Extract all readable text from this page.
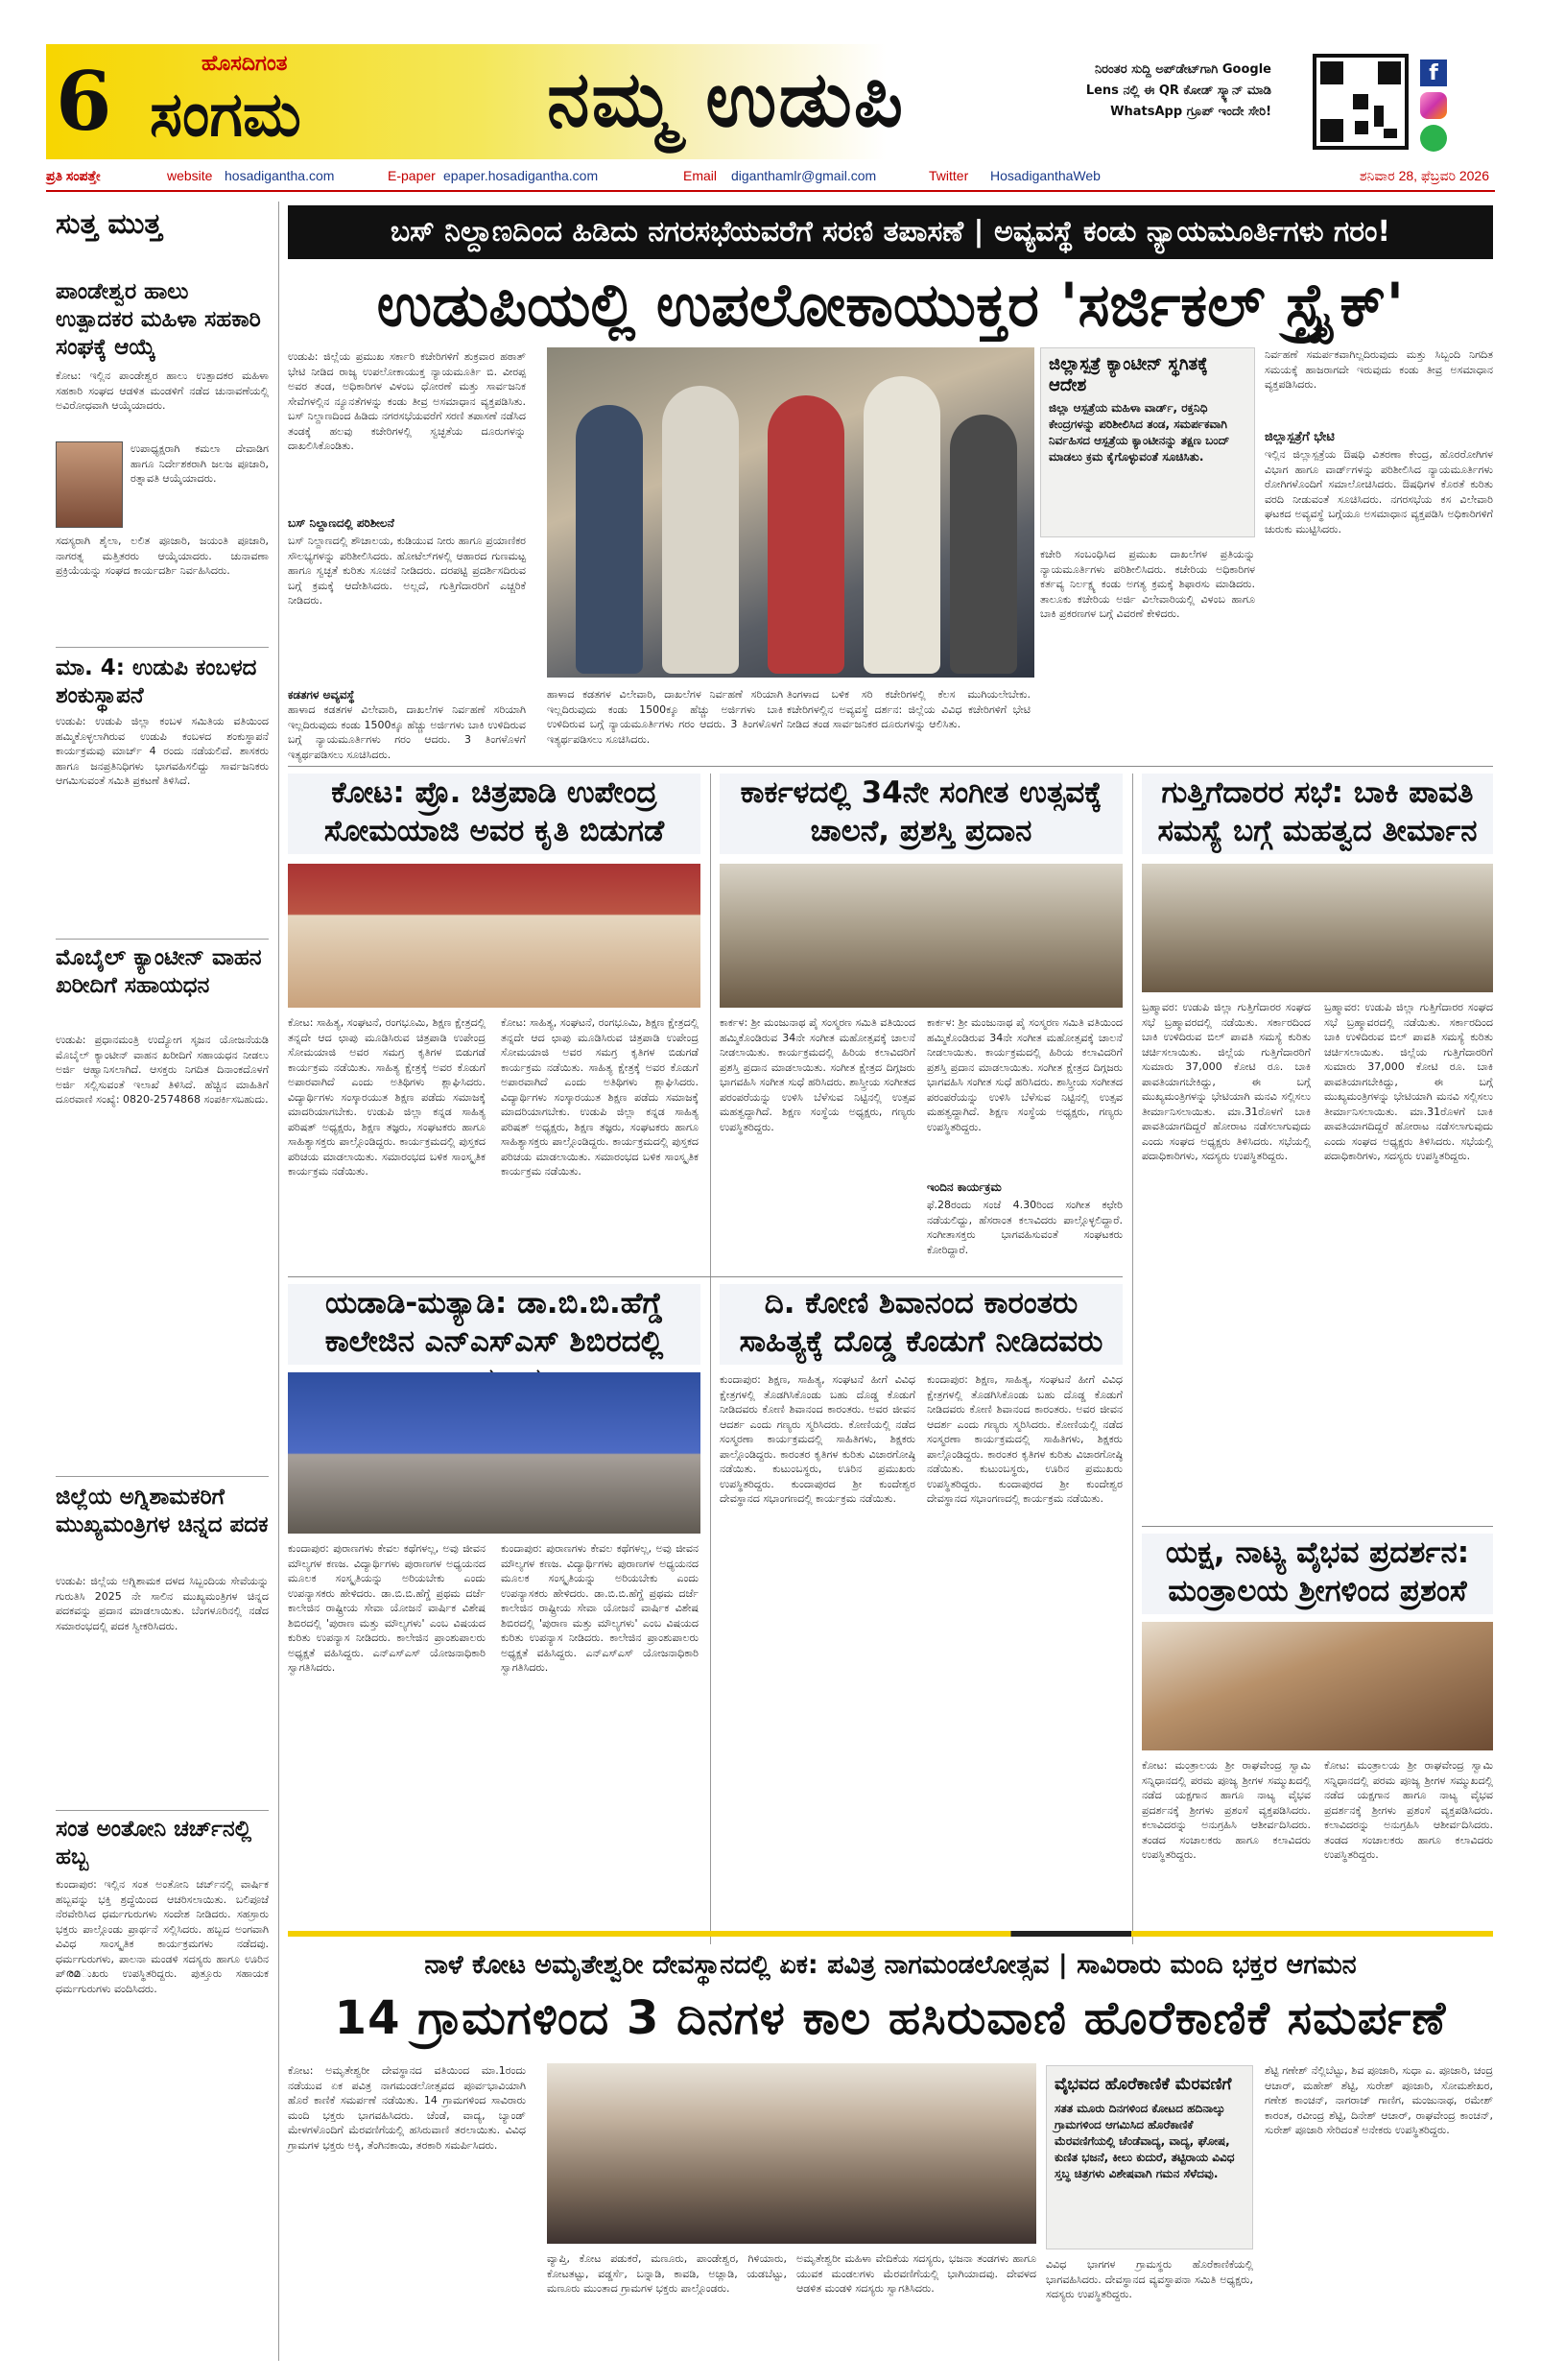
6	ಹೊಸದಿಗಂತ
ಸಂಗಮ	ನಮ್ಮ ಉಡುಪಿ	ನಿರಂತರ ಸುದ್ದಿ ಅಪ್‌ಡೇಟ್‌ಗಾಗಿ Google Lens ನಲ್ಲಿ ಈ QR ಕೋಡ್ ಸ್ಕ್ಯಾನ್ ಮಾಡಿ WhatsApp ಗ್ರೂಪ್ ಇಂದೇ ಸೇರಿ!
f
ಪ್ರತಿ ಸಂಪತ್ತೇ	website hosadigantha.com	E-paper epaper.hosadigantha.com	Email diganthamlr@gmail.com	Twitter HosadiganthaWeb	ಶನಿವಾರ 28, ಫೆಬ್ರವರಿ 2026
ಸುತ್ತ ಮುತ್ತ
ಪಾಂಡೇಶ್ವರ ಹಾಲು ಉತ್ಪಾದಕರ ಮಹಿಳಾ ಸಹಕಾರಿ ಸಂಘಕ್ಕೆ ಆಯ್ಕೆ

ಕೋಟ: ಇಲ್ಲಿನ ಪಾಂಡೇಶ್ವರ ಹಾಲು ಉತ್ಪಾದಕರ ಮಹಿಳಾ ಸಹಕಾರಿ ಸಂಘದ ಆಡಳಿತ ಮಂಡಳಿಗೆ ನಡೆದ ಚುನಾವಣೆಯಲ್ಲಿ ಅವಿರೋಧವಾಗಿ ಆಯ್ಕೆಯಾದರು.

ಉಪಾಧ್ಯಕ್ಷರಾಗಿ ಕಮಲಾ ದೇವಾಡಿಗ ಹಾಗೂ ನಿರ್ದೇಶಕರಾಗಿ ಜಲಜ ಪೂಜಾರಿ, ರತ್ನಾವತಿ ಆಯ್ಕೆಯಾದರು.

ಸದಸ್ಯರಾಗಿ ಶೈಲಾ, ಲಲಿತ ಪೂಜಾರಿ, ಜಯಂತಿ ಪೂಜಾರಿ, ನಾಗರತ್ನ ಮತ್ತಿತರರು ಆಯ್ಕೆಯಾದರು. ಚುನಾವಣಾ ಪ್ರಕ್ರಿಯೆಯನ್ನು ಸಂಘದ ಕಾರ್ಯದರ್ಶಿ ನಿರ್ವಹಿಸಿದರು.

ಮಾ. 4: ಉಡುಪಿ ಕಂಬಳದ ಶಂಕುಸ್ಥಾಪನೆ

ಉಡುಪಿ: ಉಡುಪಿ ಜಿಲ್ಲಾ ಕಂಬಳ ಸಮಿತಿಯ ವತಿಯಿಂದ ಹಮ್ಮಿಕೊಳ್ಳಲಾಗಿರುವ ಉಡುಪಿ ಕಂಬಳದ ಶಂಕುಸ್ಥಾಪನೆ ಕಾರ್ಯಕ್ರಮವು ಮಾರ್ಚ್ 4 ರಂದು ನಡೆಯಲಿದೆ. ಶಾಸಕರು ಹಾಗೂ ಜನಪ್ರತಿನಿಧಿಗಳು ಭಾಗವಹಿಸಲಿದ್ದು ಸಾರ್ವಜನಿಕರು ಆಗಮಿಸುವಂತೆ ಸಮಿತಿ ಪ್ರಕಟಣೆ ತಿಳಿಸಿದೆ.

ಮೊಬೈಲ್ ಕ್ಯಾಂಟೀನ್ ವಾಹನ ಖರೀದಿಗೆ ಸಹಾಯಧನ

ಉಡುಪಿ: ಪ್ರಧಾನಮಂತ್ರಿ ಉದ್ಯೋಗ ಸೃಜನ ಯೋಜನೆಯಡಿ ಮೊಬೈಲ್ ಕ್ಯಾಂಟೀನ್ ವಾಹನ ಖರೀದಿಗೆ ಸಹಾಯಧನ ನೀಡಲು ಅರ್ಜಿ ಆಹ್ವಾನಿಸಲಾಗಿದೆ. ಆಸಕ್ತರು ನಿಗದಿತ ದಿನಾಂಕದೊಳಗೆ ಅರ್ಜಿ ಸಲ್ಲಿಸುವಂತೆ ಇಲಾಖೆ ತಿಳಿಸಿದೆ. ಹೆಚ್ಚಿನ ಮಾಹಿತಿಗೆ ದೂರವಾಣಿ ಸಂಖ್ಯೆ: 0820-2574868 ಸಂಪರ್ಕಿಸಬಹುದು.

ಜಿಲ್ಲೆಯ ಅಗ್ನಿಶಾಮಕರಿಗೆ ಮುಖ್ಯಮಂತ್ರಿಗಳ ಚಿನ್ನದ ಪದಕ

ಉಡುಪಿ: ಜಿಲ್ಲೆಯ ಅಗ್ನಿಶಾಮಕ ದಳದ ಸಿಬ್ಬಂದಿಯ ಸೇವೆಯನ್ನು ಗುರುತಿಸಿ 2025 ನೇ ಸಾಲಿನ ಮುಖ್ಯಮಂತ್ರಿಗಳ ಚಿನ್ನದ ಪದಕವನ್ನು ಪ್ರದಾನ ಮಾಡಲಾಯಿತು. ಬೆಂಗಳೂರಿನಲ್ಲಿ ನಡೆದ ಸಮಾರಂಭದಲ್ಲಿ ಪದಕ ಸ್ವೀಕರಿಸಿದರು.

ಸಂತ ಅಂತೋನಿ ಚರ್ಚ್‌ನಲ್ಲಿ ಹಬ್ಬ

ಕುಂದಾಪುರ: ಇಲ್ಲಿನ ಸಂತ ಅಂತೋನಿ ಚರ್ಚ್‌ನಲ್ಲಿ ವಾರ್ಷಿಕ ಹಬ್ಬವನ್ನು ಭಕ್ತಿ ಶ್ರದ್ಧೆಯಿಂದ ಆಚರಿಸಲಾಯಿತು. ಬಲಿಪೂಜೆ ನೆರವೇರಿಸಿದ ಧರ್ಮಗುರುಗಳು ಸಂದೇಶ ನೀಡಿದರು. ಸಹಸ್ರಾರು ಭಕ್ತರು ಪಾಲ್ಗೊಂಡು ಪ್ರಾರ್ಥನೆ ಸಲ್ಲಿಸಿದರು. ಹಬ್ಬದ ಅಂಗವಾಗಿ ವಿವಿಧ ಸಾಂಸ್ಕೃತಿಕ ಕಾರ್ಯಕ್ರಮಗಳು ನಡೆದವು. ಧರ್ಮಗುರುಗಳು, ಪಾಲನಾ ಮಂಡಳಿ ಸದಸ್ಯರು ಹಾಗೂ ಊರಿನ ಪ್രമುಖರು ಉಪಸ್ಥಿತರಿದ್ದರು. ಪುತ್ತೂರು ಸಹಾಯಕ ಧರ್ಮಗುರುಗಳು ವಂದಿಸಿದರು.

ಬಸ್ ನಿಲ್ದಾಣದಿಂದ ಹಿಡಿದು ನಗರಸಭೆಯವರೆಗೆ ಸರಣಿ ತಪಾಸಣೆ | ಅವ್ಯವಸ್ಥೆ ಕಂಡು ನ್ಯಾಯಮೂರ್ತಿಗಳು ಗರಂ!
ಉಡುಪಿಯಲ್ಲಿ ಉಪಲೋಕಾಯುಕ್ತರ 'ಸರ್ಜಿಕಲ್ ಸ್ಟ್ರೈಕ್'

ಉಡುಪಿ: ಜಿಲ್ಲೆಯ ಪ್ರಮುಖ ಸರ್ಕಾರಿ ಕಚೇರಿಗಳಿಗೆ ಶುಕ್ರವಾರ ಹಠಾತ್ ಭೇಟಿ ನೀಡಿದ ರಾಜ್ಯ ಉಪಲೋಕಾಯುಕ್ತ ನ್ಯಾಯಮೂರ್ತಿ ಬಿ. ವೀರಪ್ಪ ಅವರ ತಂಡ, ಅಧಿಕಾರಿಗಳ ವಿಳಂಬ ಧೋರಣೆ ಮತ್ತು ಸಾರ್ವಜನಿಕ ಸೇವೆಗಳಲ್ಲಿನ ನ್ಯೂನತೆಗಳನ್ನು ಕಂಡು ತೀವ್ರ ಅಸಮಾಧಾನ ವ್ಯಕ್ತಪಡಿಸಿತು. ಬಸ್ ನಿಲ್ದಾಣದಿಂದ ಹಿಡಿದು ನಗರಸಭೆಯವರೆಗೆ ಸರಣಿ ತಪಾಸಣೆ ನಡೆಸಿದ ತಂಡಕ್ಕೆ ಹಲವು ಕಚೇರಿಗಳಲ್ಲಿ ಸ್ವಚ್ಛತೆಯ ದೂರುಗಳನ್ನು ದಾಖಲಿಸಿಕೊಂಡಿತು.

ಬಸ್ ನಿಲ್ದಾಣದಲ್ಲಿ ಪರಿಶೀಲನೆ

ಬಸ್ ನಿಲ್ದಾಣದಲ್ಲಿ ಶೌಚಾಲಯ, ಕುಡಿಯುವ ನೀರು ಹಾಗೂ ಪ್ರಯಾಣಿಕರ ಸೌಲಭ್ಯಗಳನ್ನು ಪರಿಶೀಲಿಸಿದರು. ಹೋಟೆಲ್‌ಗಳಲ್ಲಿ ಆಹಾರದ ಗುಣಮಟ್ಟ ಹಾಗೂ ಸ್ವಚ್ಛತೆ ಕುರಿತು ಸೂಚನೆ ನೀಡಿದರು. ದರಪಟ್ಟಿ ಪ್ರದರ್ಶಿಸದಿರುವ ಬಗ್ಗೆ ಕ್ರಮಕ್ಕೆ ಆದೇಶಿಸಿದರು. ಅಲ್ಲದೆ, ಗುತ್ತಿಗೆದಾರರಿಗೆ ಎಚ್ಚರಿಕೆ ನೀಡಿದರು.

ಕಡತಗಳ ಅವ್ಯವಸ್ಥೆ

ಹಾಳಾದ ಕಡತಗಳ ವಿಲೇವಾರಿ, ದಾಖಲೆಗಳ ನಿರ್ವಹಣೆ ಸರಿಯಾಗಿ ಇಲ್ಲದಿರುವುದು ಕಂಡು 1500ಕ್ಕೂ ಹೆಚ್ಚು ಅರ್ಜಿಗಳು ಬಾಕಿ ಉಳಿದಿರುವ ಬಗ್ಗೆ ನ್ಯಾಯಮೂರ್ತಿಗಳು ಗರಂ ಆದರು. 3 ತಿಂಗಳೊಳಗೆ ಇತ್ಯರ್ಥಪಡಿಸಲು ಸೂಚಿಸಿದರು.

ಹಾಳಾದ ಕಡತಗಳ ವಿಲೇವಾರಿ, ದಾಖಲೆಗಳ ನಿರ್ವಹಣೆ ಸರಿಯಾಗಿ ಇಲ್ಲದಿರುವುದು ಕಂಡು 1500ಕ್ಕೂ ಹೆಚ್ಚು ಅರ್ಜಿಗಳು ಬಾಕಿ ಉಳಿದಿರುವ ಬಗ್ಗೆ ನ್ಯಾಯಮೂರ್ತಿಗಳು ಗರಂ ಆದರು. 3 ತಿಂಗಳೊಳಗೆ ಇತ್ಯರ್ಥಪಡಿಸಲು ಸೂಚಿಸಿದರು.

ತಿಂಗಳಾದ ಬಳಿಕ ಸರಿ ಕಚೇರಿಗಳಲ್ಲಿ ಕೆಲಸ ಮುಗಿಯಲೇಬೇಕು. ಕಚೇರಿಗಳಲ್ಲಿನ ಅವ್ಯವಸ್ಥೆ ದರ್ಶನ: ಜಿಲ್ಲೆಯ ವಿವಿಧ ಕಚೇರಿಗಳಿಗೆ ಭೇಟಿ ನೀಡಿದ ತಂಡ ಸಾರ್ವಜನಿಕರ ದೂರುಗಳನ್ನು ಆಲಿಸಿತು.

ಜಿಲ್ಲಾಸ್ಪತ್ರೆ ಕ್ಯಾಂಟೀನ್ ಸ್ಥಗಿತಕ್ಕೆ ಆದೇಶ
ಜಿಲ್ಲಾ ಆಸ್ಪತ್ರೆಯ ಮಹಿಳಾ ವಾರ್ಡ್, ರಕ್ತನಿಧಿ ಕೇಂದ್ರಗಳನ್ನು ಪರಿಶೀಲಿಸಿದ ತಂಡ, ಸಮರ್ಪಕವಾಗಿ ನಿರ್ವಹಿಸದ ಆಸ್ಪತ್ರೆಯ ಕ್ಯಾಂಟೀನನ್ನು ತಕ್ಷಣ ಬಂದ್ ಮಾಡಲು ಕ್ರಮ ಕೈಗೊಳ್ಳುವಂತೆ ಸೂಚಿಸಿತು.

ಕಚೇರಿ ಸಂಬಂಧಿಸಿದ ಪ್ರಮುಖ ದಾಖಲೆಗಳ ಪ್ರತಿಯನ್ನು ನ್ಯಾಯಮೂರ್ತಿಗಳು ಪರಿಶೀಲಿಸಿದರು. ಕಚೇರಿಯ ಅಧಿಕಾರಿಗಳ ಕರ್ತವ್ಯ ನಿರ್ಲಕ್ಷ್ಯ ಕಂಡು ಅಗತ್ಯ ಕ್ರಮಕ್ಕೆ ಶಿಫಾರಸು ಮಾಡಿದರು. ತಾಲೂಕು ಕಚೇರಿಯ ಅರ್ಜಿ ವಿಲೇವಾರಿಯಲ್ಲಿ ವಿಳಂಬ ಹಾಗೂ ಬಾಕಿ ಪ್ರಕರಣಗಳ ಬಗ್ಗೆ ವಿವರಣೆ ಕೇಳಿದರು.

ನಿರ್ವಹಣೆ ಸಮರ್ಪಕವಾಗಿಲ್ಲದಿರುವುದು ಮತ್ತು ಸಿಬ್ಬಂದಿ ನಿಗದಿತ ಸಮಯಕ್ಕೆ ಹಾಜರಾಗದೇ ಇರುವುದು ಕಂಡು ತೀವ್ರ ಅಸಮಾಧಾನ ವ್ಯಕ್ತಪಡಿಸಿದರು.

ಜಿಲ್ಲಾಸ್ಪತ್ರೆಗೆ ಭೇಟಿ

ಇಲ್ಲಿನ ಜಿಲ್ಲಾಸ್ಪತ್ರೆಯ ಔಷಧಿ ವಿತರಣಾ ಕೇಂದ್ರ, ಹೊರರೋಗಿಗಳ ವಿಭಾಗ ಹಾಗೂ ವಾರ್ಡ್‌ಗಳನ್ನು ಪರಿಶೀಲಿಸಿದ ನ್ಯಾಯಮೂರ್ತಿಗಳು ರೋಗಿಗಳೊಂದಿಗೆ ಸಮಾಲೋಚಿಸಿದರು. ಔಷಧಿಗಳ ಕೊರತೆ ಕುರಿತು ವರದಿ ನೀಡುವಂತೆ ಸೂಚಿಸಿದರು. ನಗರಸಭೆಯ ಕಸ ವಿಲೇವಾರಿ ಘಟಕದ ಅವ್ಯವಸ್ಥೆ ಬಗ್ಗೆಯೂ ಅಸಮಾಧಾನ ವ್ಯಕ್ತಪಡಿಸಿ ಅಧಿಕಾರಿಗಳಿಗೆ ಚುರುಕು ಮುಟ್ಟಿಸಿದರು.

ಕೋಟ: ಪ್ರೊ. ಚಿತ್ರಪಾಡಿ ಉಪೇಂದ್ರ ಸೋಮಯಾಜಿ ಅವರ ಕೃತಿ ಬಿಡುಗಡೆ

ಕೋಟ: ಸಾಹಿತ್ಯ, ಸಂಘಟನೆ, ರಂಗಭೂಮಿ, ಶಿಕ್ಷಣ ಕ್ಷೇತ್ರದಲ್ಲಿ ತನ್ನದೇ ಆದ ಛಾಪು ಮೂಡಿಸಿರುವ ಚಿತ್ರಪಾಡಿ ಉಪೇಂದ್ರ ಸೋಮಯಾಜಿ ಅವರ ಸಮಗ್ರ ಕೃತಿಗಳ ಬಿಡುಗಡೆ ಕಾರ್ಯಕ್ರಮ ನಡೆಯಿತು. ಸಾಹಿತ್ಯ ಕ್ಷೇತ್ರಕ್ಕೆ ಅವರ ಕೊಡುಗೆ ಅಪಾರವಾಗಿದೆ ಎಂದು ಅತಿಥಿಗಳು ಶ್ಲಾಘಿಸಿದರು. ವಿದ್ಯಾರ್ಥಿಗಳು ಸಂಸ್ಕಾರಯುತ ಶಿಕ್ಷಣ ಪಡೆದು ಸಮಾಜಕ್ಕೆ ಮಾದರಿಯಾಗಬೇಕು. ಉಡುಪಿ ಜಿಲ್ಲಾ ಕನ್ನಡ ಸಾಹಿತ್ಯ ಪರಿಷತ್ ಅಧ್ಯಕ್ಷರು, ಶಿಕ್ಷಣ ತಜ್ಞರು, ಸಂಘಟಕರು ಹಾಗೂ ಸಾಹಿತ್ಯಾಸಕ್ತರು ಪಾಲ್ಗೊಂಡಿದ್ದರು. ಕಾರ್ಯಕ್ರಮದಲ್ಲಿ ಪುಸ್ತಕದ ಪರಿಚಯ ಮಾಡಲಾಯಿತು. ಸಮಾರಂಭದ ಬಳಿಕ ಸಾಂಸ್ಕೃತಿಕ ಕಾರ್ಯಕ್ರಮ ನಡೆಯಿತು.

ಕೋಟ: ಸಾಹಿತ್ಯ, ಸಂಘಟನೆ, ರಂಗಭೂಮಿ, ಶಿಕ್ಷಣ ಕ್ಷೇತ್ರದಲ್ಲಿ ತನ್ನದೇ ಆದ ಛಾಪು ಮೂಡಿಸಿರುವ ಚಿತ್ರಪಾಡಿ ಉಪೇಂದ್ರ ಸೋಮಯಾಜಿ ಅವರ ಸಮಗ್ರ ಕೃತಿಗಳ ಬಿಡುಗಡೆ ಕಾರ್ಯಕ್ರಮ ನಡೆಯಿತು. ಸಾಹಿತ್ಯ ಕ್ಷೇತ್ರಕ್ಕೆ ಅವರ ಕೊಡುಗೆ ಅಪಾರವಾಗಿದೆ ಎಂದು ಅತಿಥಿಗಳು ಶ್ಲಾಘಿಸಿದರು. ವಿದ್ಯಾರ್ಥಿಗಳು ಸಂಸ್ಕಾರಯುತ ಶಿಕ್ಷಣ ಪಡೆದು ಸಮಾಜಕ್ಕೆ ಮಾದರಿಯಾಗಬೇಕು. ಉಡುಪಿ ಜಿಲ್ಲಾ ಕನ್ನಡ ಸಾಹಿತ್ಯ ಪರಿಷತ್ ಅಧ್ಯಕ್ಷರು, ಶಿಕ್ಷಣ ತಜ್ಞರು, ಸಂಘಟಕರು ಹಾಗೂ ಸಾಹಿತ್ಯಾಸಕ್ತರು ಪಾಲ್ಗೊಂಡಿದ್ದರು. ಕಾರ್ಯಕ್ರಮದಲ್ಲಿ ಪುಸ್ತಕದ ಪರಿಚಯ ಮಾಡಲಾಯಿತು. ಸಮಾರಂಭದ ಬಳಿಕ ಸಾಂಸ್ಕೃತಿಕ ಕಾರ್ಯಕ್ರಮ ನಡೆಯಿತು.

ಕಾರ್ಕಳದಲ್ಲಿ 34ನೇ ಸಂಗೀತ ಉತ್ಸವಕ್ಕೆ ಚಾಲನೆ, ಪ್ರಶಸ್ತಿ ಪ್ರದಾನ

ಕಾರ್ಕಳ: ಶ್ರೀ ಮಂಜುನಾಥ ಪೈ ಸಂಸ್ಮರಣ ಸಮಿತಿ ವತಿಯಿಂದ ಹಮ್ಮಿಕೊಂಡಿರುವ 34ನೇ ಸಂಗೀತ ಮಹೋತ್ಸವಕ್ಕೆ ಚಾಲನೆ ನೀಡಲಾಯಿತು. ಕಾರ್ಯಕ್ರಮದಲ್ಲಿ ಹಿರಿಯ ಕಲಾವಿದರಿಗೆ ಪ್ರಶಸ್ತಿ ಪ್ರದಾನ ಮಾಡಲಾಯಿತು. ಸಂಗೀತ ಕ್ಷೇತ್ರದ ದಿಗ್ಗಜರು ಭಾಗವಹಿಸಿ ಸಂಗೀತ ಸುಧೆ ಹರಿಸಿದರು. ಶಾಸ್ತ್ರೀಯ ಸಂಗೀತದ ಪರಂಪರೆಯನ್ನು ಉಳಿಸಿ ಬೆಳೆಸುವ ನಿಟ್ಟಿನಲ್ಲಿ ಉತ್ಸವ ಮಹತ್ವದ್ದಾಗಿದೆ. ಶಿಕ್ಷಣ ಸಂಸ್ಥೆಯ ಅಧ್ಯಕ್ಷರು, ಗಣ್ಯರು ಉಪಸ್ಥಿತರಿದ್ದರು.

ಇಂದಿನ ಕಾರ್ಯಕ್ರಮ

ಕಾರ್ಕಳ: ಶ್ರೀ ಮಂಜುನಾಥ ಪೈ ಸಂಸ್ಮರಣ ಸಮಿತಿ ವತಿಯಿಂದ ಹಮ್ಮಿಕೊಂಡಿರುವ 34ನೇ ಸಂಗೀತ ಮಹೋತ್ಸವಕ್ಕೆ ಚಾಲನೆ ನೀಡಲಾಯಿತು. ಕಾರ್ಯಕ್ರಮದಲ್ಲಿ ಹಿರಿಯ ಕಲಾವಿದರಿಗೆ ಪ್ರಶಸ್ತಿ ಪ್ರದಾನ ಮಾಡಲಾಯಿತು. ಸಂಗೀತ ಕ್ಷೇತ್ರದ ದಿಗ್ಗಜರು ಭಾಗವಹಿಸಿ ಸಂಗೀತ ಸುಧೆ ಹರಿಸಿದರು. ಶಾಸ್ತ್ರೀಯ ಸಂಗೀತದ ಪರಂಪರೆಯನ್ನು ಉಳಿಸಿ ಬೆಳೆಸುವ ನಿಟ್ಟಿನಲ್ಲಿ ಉತ್ಸವ ಮಹತ್ವದ್ದಾಗಿದೆ. ಶಿಕ್ಷಣ ಸಂಸ್ಥೆಯ ಅಧ್ಯಕ್ಷರು, ಗಣ್ಯರು ಉಪಸ್ಥಿತರಿದ್ದರು.

ಫೆ.28ರಂದು ಸಂಜೆ 4.30ರಿಂದ ಸಂಗೀತ ಕಛೇರಿ ನಡೆಯಲಿದ್ದು, ಹೆಸರಾಂತ ಕಲಾವಿದರು ಪಾಲ್ಗೊಳ್ಳಲಿದ್ದಾರೆ. ಸಂಗೀತಾಸಕ್ತರು ಭಾಗವಹಿಸುವಂತೆ ಸಂಘಟಕರು ಕೋರಿದ್ದಾರೆ.

ಗುತ್ತಿಗೆದಾರರ ಸಭೆ: ಬಾಕಿ ಪಾವತಿ ಸಮಸ್ಯೆ ಬಗ್ಗೆ ಮಹತ್ವದ ತೀರ್ಮಾನ

ಬ್ರಹ್ಮಾವರ: ಉಡುಪಿ ಜಿಲ್ಲಾ ಗುತ್ತಿಗೆದಾರರ ಸಂಘದ ಸಭೆ ಬ್ರಹ್ಮಾವರದಲ್ಲಿ ನಡೆಯಿತು. ಸರ್ಕಾರದಿಂದ ಬಾಕಿ ಉಳಿದಿರುವ ಬಿಲ್ ಪಾವತಿ ಸಮಸ್ಯೆ ಕುರಿತು ಚರ್ಚಿಸಲಾಯಿತು. ಜಿಲ್ಲೆಯ ಗುತ್ತಿಗೆದಾರರಿಗೆ ಸುಮಾರು 37,000 ಕೋಟಿ ರೂ. ಬಾಕಿ ಪಾವತಿಯಾಗಬೇಕಿದ್ದು, ಈ ಬಗ್ಗೆ ಮುಖ್ಯಮಂತ್ರಿಗಳನ್ನು ಭೇಟಿಯಾಗಿ ಮನವಿ ಸಲ್ಲಿಸಲು ತೀರ್ಮಾನಿಸಲಾಯಿತು. ಮಾ.31ರೊಳಗೆ ಬಾಕಿ ಪಾವತಿಯಾಗದಿದ್ದರೆ ಹೋರಾಟ ನಡೆಸಲಾಗುವುದು ಎಂದು ಸಂಘದ ಅಧ್ಯಕ್ಷರು ತಿಳಿಸಿದರು. ಸಭೆಯಲ್ಲಿ ಪದಾಧಿಕಾರಿಗಳು, ಸದಸ್ಯರು ಉಪಸ್ಥಿತರಿದ್ದರು.

ಬ್ರಹ್ಮಾವರ: ಉಡುಪಿ ಜಿಲ್ಲಾ ಗುತ್ತಿಗೆದಾರರ ಸಂಘದ ಸಭೆ ಬ್ರಹ್ಮಾವರದಲ್ಲಿ ನಡೆಯಿತು. ಸರ್ಕಾರದಿಂದ ಬಾಕಿ ಉಳಿದಿರುವ ಬಿಲ್ ಪಾವತಿ ಸಮಸ್ಯೆ ಕುರಿತು ಚರ್ಚಿಸಲಾಯಿತು. ಜಿಲ್ಲೆಯ ಗುತ್ತಿಗೆದಾರರಿಗೆ ಸುಮಾರು 37,000 ಕೋಟಿ ರೂ. ಬಾಕಿ ಪಾವತಿಯಾಗಬೇಕಿದ್ದು, ಈ ಬಗ್ಗೆ ಮುಖ್ಯಮಂತ್ರಿಗಳನ್ನು ಭೇಟಿಯಾಗಿ ಮನವಿ ಸಲ್ಲಿಸಲು ತೀರ್ಮಾನಿಸಲಾಯಿತು. ಮಾ.31ರೊಳಗೆ ಬಾಕಿ ಪಾವತಿಯಾಗದಿದ್ದರೆ ಹೋರಾಟ ನಡೆಸಲಾಗುವುದು ಎಂದು ಸಂಘದ ಅಧ್ಯಕ್ಷರು ತಿಳಿಸಿದರು. ಸಭೆಯಲ್ಲಿ ಪದಾಧಿಕಾರಿಗಳು, ಸದಸ್ಯರು ಉಪಸ್ಥಿತರಿದ್ದರು.

ಯಡಾಡಿ-ಮತ್ಯಾಡಿ: ಡಾ.ಬಿ.ಬಿ.ಹೆಗ್ಡೆ ಕಾಲೇಜಿನ ಎನ್ಎಸ್ಎಸ್ ಶಿಬಿರದಲ್ಲಿ

ಕುಂದಾಪುರ: ಪುರಾಣಗಳು ಕೇವಲ ಕಥೆಗಳಲ್ಲ, ಅವು ಜೀವನ ಮೌಲ್ಯಗಳ ಕಣಜ. ವಿದ್ಯಾರ್ಥಿಗಳು ಪುರಾಣಗಳ ಅಧ್ಯಯನದ ಮೂಲಕ ಸಂಸ್ಕೃತಿಯನ್ನು ಅರಿಯಬೇಕು ಎಂದು ಉಪನ್ಯಾಸಕರು ಹೇಳಿದರು. ಡಾ.ಬಿ.ಬಿ.ಹೆಗ್ಡೆ ಪ್ರಥಮ ದರ್ಜೆ ಕಾಲೇಜಿನ ರಾಷ್ಟ್ರೀಯ ಸೇವಾ ಯೋಜನೆ ವಾರ್ಷಿಕ ವಿಶೇಷ ಶಿಬಿರದಲ್ಲಿ 'ಪುರಾಣ ಮತ್ತು ಮೌಲ್ಯಗಳು' ಎಂಬ ವಿಷಯದ ಕುರಿತು ಉಪನ್ಯಾಸ ನೀಡಿದರು. ಕಾಲೇಜಿನ ಪ್ರಾಂಶುಪಾಲರು ಅಧ್ಯಕ್ಷತೆ ವಹಿಸಿದ್ದರು. ಎನ್ಎಸ್ಎಸ್ ಯೋಜನಾಧಿಕಾರಿ ಸ್ವಾಗತಿಸಿದರು.

ಕುಂದಾಪುರ: ಪುರಾಣಗಳು ಕೇವಲ ಕಥೆಗಳಲ್ಲ, ಅವು ಜೀವನ ಮೌಲ್ಯಗಳ ಕಣಜ. ವಿದ್ಯಾರ್ಥಿಗಳು ಪುರಾಣಗಳ ಅಧ್ಯಯನದ ಮೂಲಕ ಸಂಸ್ಕೃತಿಯನ್ನು ಅರಿಯಬೇಕು ಎಂದು ಉಪನ್ಯಾಸಕರು ಹೇಳಿದರು. ಡಾ.ಬಿ.ಬಿ.ಹೆಗ್ಡೆ ಪ್ರಥಮ ದರ್ಜೆ ಕಾಲೇಜಿನ ರಾಷ್ಟ್ರೀಯ ಸೇವಾ ಯೋಜನೆ ವಾರ್ಷಿಕ ವಿಶೇಷ ಶಿಬಿರದಲ್ಲಿ 'ಪುರಾಣ ಮತ್ತು ಮೌಲ್ಯಗಳು' ಎಂಬ ವಿಷಯದ ಕುರಿತು ಉಪನ್ಯಾಸ ನೀಡಿದರು. ಕಾಲೇಜಿನ ಪ್ರಾಂಶುಪಾಲರು ಅಧ್ಯಕ್ಷತೆ ವಹಿಸಿದ್ದರು. ಎನ್ಎಸ್ಎಸ್ ಯೋಜನಾಧಿಕಾರಿ ಸ್ವಾಗತಿಸಿದರು.

ದಿ. ಕೋಣಿ ಶಿವಾನಂದ ಕಾರಂತರು ಸಾಹಿತ್ಯಕ್ಕೆ ದೊಡ್ಡ ಕೊಡುಗೆ ನೀಡಿದವರು

ಕುಂದಾಪುರ: ಶಿಕ್ಷಣ, ಸಾಹಿತ್ಯ, ಸಂಘಟನೆ ಹೀಗೆ ವಿವಿಧ ಕ್ಷೇತ್ರಗಳಲ್ಲಿ ತೊಡಗಿಸಿಕೊಂಡು ಬಹು ದೊಡ್ಡ ಕೊಡುಗೆ ನೀಡಿದವರು ಕೋಣಿ ಶಿವಾನಂದ ಕಾರಂತರು. ಅವರ ಜೀವನ ಆದರ್ಶ ಎಂದು ಗಣ್ಯರು ಸ್ಮರಿಸಿದರು. ಕೋಣಿಯಲ್ಲಿ ನಡೆದ ಸಂಸ್ಮರಣಾ ಕಾರ್ಯಕ್ರಮದಲ್ಲಿ ಸಾಹಿತಿಗಳು, ಶಿಕ್ಷಕರು ಪಾಲ್ಗೊಂಡಿದ್ದರು. ಕಾರಂತರ ಕೃತಿಗಳ ಕುರಿತು ವಿಚಾರಗೋಷ್ಠಿ ನಡೆಯಿತು. ಕುಟುಂಬಸ್ಥರು, ಊರಿನ ಪ್ರಮುಖರು ಉಪಸ್ಥಿತರಿದ್ದರು. ಕುಂದಾಪುರದ ಶ್ರೀ ಕುಂದೇಶ್ವರ ದೇವಸ್ಥಾನದ ಸಭಾಂಗಣದಲ್ಲಿ ಕಾರ್ಯಕ್ರಮ ನಡೆಯಿತು.

ಕುಂದಾಪುರ: ಶಿಕ್ಷಣ, ಸಾಹಿತ್ಯ, ಸಂಘಟನೆ ಹೀಗೆ ವಿವಿಧ ಕ್ಷೇತ್ರಗಳಲ್ಲಿ ತೊಡಗಿಸಿಕೊಂಡು ಬಹು ದೊಡ್ಡ ಕೊಡುಗೆ ನೀಡಿದವರು ಕೋಣಿ ಶಿವಾನಂದ ಕಾರಂತರು. ಅವರ ಜೀವನ ಆದರ್ಶ ಎಂದು ಗಣ್ಯರು ಸ್ಮರಿಸಿದರು. ಕೋಣಿಯಲ್ಲಿ ನಡೆದ ಸಂಸ್ಮರಣಾ ಕಾರ್ಯಕ್ರಮದಲ್ಲಿ ಸಾಹಿತಿಗಳು, ಶಿಕ್ಷಕರು ಪಾಲ್ಗೊಂಡಿದ್ದರು. ಕಾರಂತರ ಕೃತಿಗಳ ಕುರಿತು ವಿಚಾರಗೋಷ್ಠಿ ನಡೆಯಿತು. ಕುಟುಂಬಸ್ಥರು, ಊರಿನ ಪ್ರಮುಖರು ಉಪಸ್ಥಿತರಿದ್ದರು. ಕುಂದಾಪುರದ ಶ್ರೀ ಕುಂದೇಶ್ವರ ದೇವಸ್ಥಾನದ ಸಭಾಂಗಣದಲ್ಲಿ ಕಾರ್ಯಕ್ರಮ ನಡೆಯಿತು.

ಯಕ್ಷ, ನಾಟ್ಯ ವೈಭವ ಪ್ರದರ್ಶನ: ಮಂತ್ರಾಲಯ ಶ್ರೀಗಳಿಂದ ಪ್ರಶಂಸೆ

ಕೋಟ: ಮಂತ್ರಾಲಯ ಶ್ರೀ ರಾಘವೇಂದ್ರ ಸ್ವಾಮಿ ಸನ್ನಿಧಾನದಲ್ಲಿ ಪರಮ ಪೂಜ್ಯ ಶ್ರೀಗಳ ಸಮ್ಮುಖದಲ್ಲಿ ನಡೆದ ಯಕ್ಷಗಾನ ಹಾಗೂ ನಾಟ್ಯ ವೈಭವ ಪ್ರದರ್ಶನಕ್ಕೆ ಶ್ರೀಗಳು ಪ್ರಶಂಸೆ ವ್ಯಕ್ತಪಡಿಸಿದರು. ಕಲಾವಿದರನ್ನು ಅನುಗ್ರಹಿಸಿ ಆಶೀರ್ವದಿಸಿದರು. ತಂಡದ ಸಂಚಾಲಕರು ಹಾಗೂ ಕಲಾವಿದರು ಉಪಸ್ಥಿತರಿದ್ದರು.

ಕೋಟ: ಮಂತ್ರಾಲಯ ಶ್ರೀ ರಾಘವೇಂದ್ರ ಸ್ವಾಮಿ ಸನ್ನಿಧಾನದಲ್ಲಿ ಪರಮ ಪೂಜ್ಯ ಶ್ರೀಗಳ ಸಮ್ಮುಖದಲ್ಲಿ ನಡೆದ ಯಕ್ಷಗಾನ ಹಾಗೂ ನಾಟ್ಯ ವೈಭವ ಪ್ರದರ್ಶನಕ್ಕೆ ಶ್ರೀಗಳು ಪ್ರಶಂಸೆ ವ್ಯಕ್ತಪಡಿಸಿದರು. ಕಲಾವಿದರನ್ನು ಅನುಗ್ರಹಿಸಿ ಆಶೀರ್ವದಿಸಿದರು. ತಂಡದ ಸಂಚಾಲಕರು ಹಾಗೂ ಕಲಾವಿದರು ಉಪಸ್ಥಿತರಿದ್ದರು.

ನಾಳೆ ಕೋಟ ಅಮೃತೇಶ್ವರೀ ದೇವಸ್ಥಾನದಲ್ಲಿ ಏಕ: ಪವಿತ್ರ ನಾಗಮಂಡಲೋತ್ಸವ | ಸಾವಿರಾರು ಮಂದಿ ಭಕ್ತರ ಆಗಮನ
14 ಗ್ರಾಮಗಳಿಂದ 3 ದಿನಗಳ ಕಾಲ ಹಸಿರುವಾಣಿ ಹೊರೆಕಾಣಿಕೆ ಸಮರ್ಪಣೆ

ಕೋಟ: ಅಮೃತೇಶ್ವರೀ ದೇವಸ್ಥಾನದ ವತಿಯಿಂದ ಮಾ.1ರಂದು ನಡೆಯುವ ಏಕ ಪವಿತ್ರ ನಾಗಮಂಡಲೋತ್ಸವದ ಪೂರ್ವಭಾವಿಯಾಗಿ ಹೊರೆ ಕಾಣಿಕೆ ಸಮರ್ಪಣೆ ನಡೆಯಿತು. 14 ಗ್ರಾಮಗಳಿಂದ ಸಾವಿರಾರು ಮಂದಿ ಭಕ್ತರು ಭಾಗವಹಿಸಿದರು. ಚೆಂಡೆ, ವಾದ್ಯ, ಬ್ಯಾಂಡ್ ಮೇಳಗಳೊಂದಿಗೆ ಮೆರವಣಿಗೆಯಲ್ಲಿ ಹಸಿರುವಾಣಿ ತರಲಾಯಿತು. ವಿವಿಧ ಗ್ರಾಮಗಳ ಭಕ್ತರು ಅಕ್ಕಿ, ತೆಂಗಿನಕಾಯಿ, ತರಕಾರಿ ಸಮರ್ಪಿಸಿದರು.

ವ್ಯಾಪ್ತಿ, ಕೋಟ ಪಡುಕರೆ, ಮಣೂರು, ಪಾಂಡೇಶ್ವರ, ಗಿಳಿಯಾರು, ಕೋಟತಟ್ಟು, ವಡ್ಡರ್ಸೆ, ಬನ್ನಾಡಿ, ಕಾವಡಿ, ಅಚ್ಲಾಡಿ, ಯಡಬೆಟ್ಟು, ಮಣೂರು ಮುಂತಾದ ಗ್ರಾಮಗಳ ಭಕ್ತರು ಪಾಲ್ಗೊಂಡರು.

ಅಮೃತೇಶ್ವರೀ ಮಹಿಳಾ ವೇದಿಕೆಯ ಸದಸ್ಯರು, ಭಜನಾ ತಂಡಗಳು ಹಾಗೂ ಯುವಕ ಮಂಡಲಗಳು ಮೆರವಣಿಗೆಯಲ್ಲಿ ಭಾಗಿಯಾದವು. ದೇವಳದ ಆಡಳಿತ ಮಂಡಳಿ ಸದಸ್ಯರು ಸ್ವಾಗತಿಸಿದರು.

ವೈಭವದ ಹೊರೆಕಾಣಿಕೆ ಮೆರವಣಿಗೆ
ಸತತ ಮೂರು ದಿನಗಳಿಂದ ಕೋಟದ ಹದಿನಾಲ್ಕು ಗ್ರಾಮಗಳಿಂದ ಆಗಮಿಸಿದ ಹೊರೆಕಾಣಿಕೆ ಮೆರವಣಿಗೆಯಲ್ಲಿ ಚೆಂಡೆವಾದ್ಯ, ವಾದ್ಯ, ಘೋಷ, ಕುಣಿತ ಭಜನೆ, ಕೀಲು ಕುದುರೆ, ತಟ್ಟಿರಾಯ ವಿವಿಧ ಸ್ತಬ್ಧ ಚಿತ್ರಗಳು ವಿಶೇಷವಾಗಿ ಗಮನ ಸೆಳೆದವು.

ವಿವಿಧ ಭಾಗಗಳ ಗ್ರಾಮಸ್ಥರು ಹೊರೆಕಾಣಿಕೆಯಲ್ಲಿ ಭಾಗವಹಿಸಿದರು. ದೇವಸ್ಥಾನದ ವ್ಯವಸ್ಥಾಪನಾ ಸಮಿತಿ ಅಧ್ಯಕ್ಷರು, ಸದಸ್ಯರು ಉಪಸ್ಥಿತರಿದ್ದರು.

ಶೆಟ್ಟಿ ಗಣೇಶ್ ನೆಲ್ಲಿಬೆಟ್ಟು, ಶಿವ ಪೂಜಾರಿ, ಸುಧಾ ಎ. ಪೂಜಾರಿ, ಚಂದ್ರ ಆಚಾರ್, ಮಹೇಶ್ ಶೆಟ್ಟಿ, ಸುರೇಶ್ ಪೂಜಾರಿ, ಸೋಮಶೇಖರ, ಗಣೇಶ ಕಾಂಚನ್, ನಾಗರಾಜ್ ಗಾಣಿಗ, ಮಂಜುನಾಥ, ರಮೇಶ್ ಕಾರಂತ, ರವೀಂದ್ರ ಶೆಟ್ಟಿ, ದಿನೇಶ್ ಆಚಾರ್, ರಾಘವೇಂದ್ರ ಕಾಂಚನ್, ಸುರೇಶ್ ಪೂಜಾರಿ ಸೇರಿದಂತೆ ಅನೇಕರು ಉಪಸ್ಥಿತರಿದ್ದರು.
